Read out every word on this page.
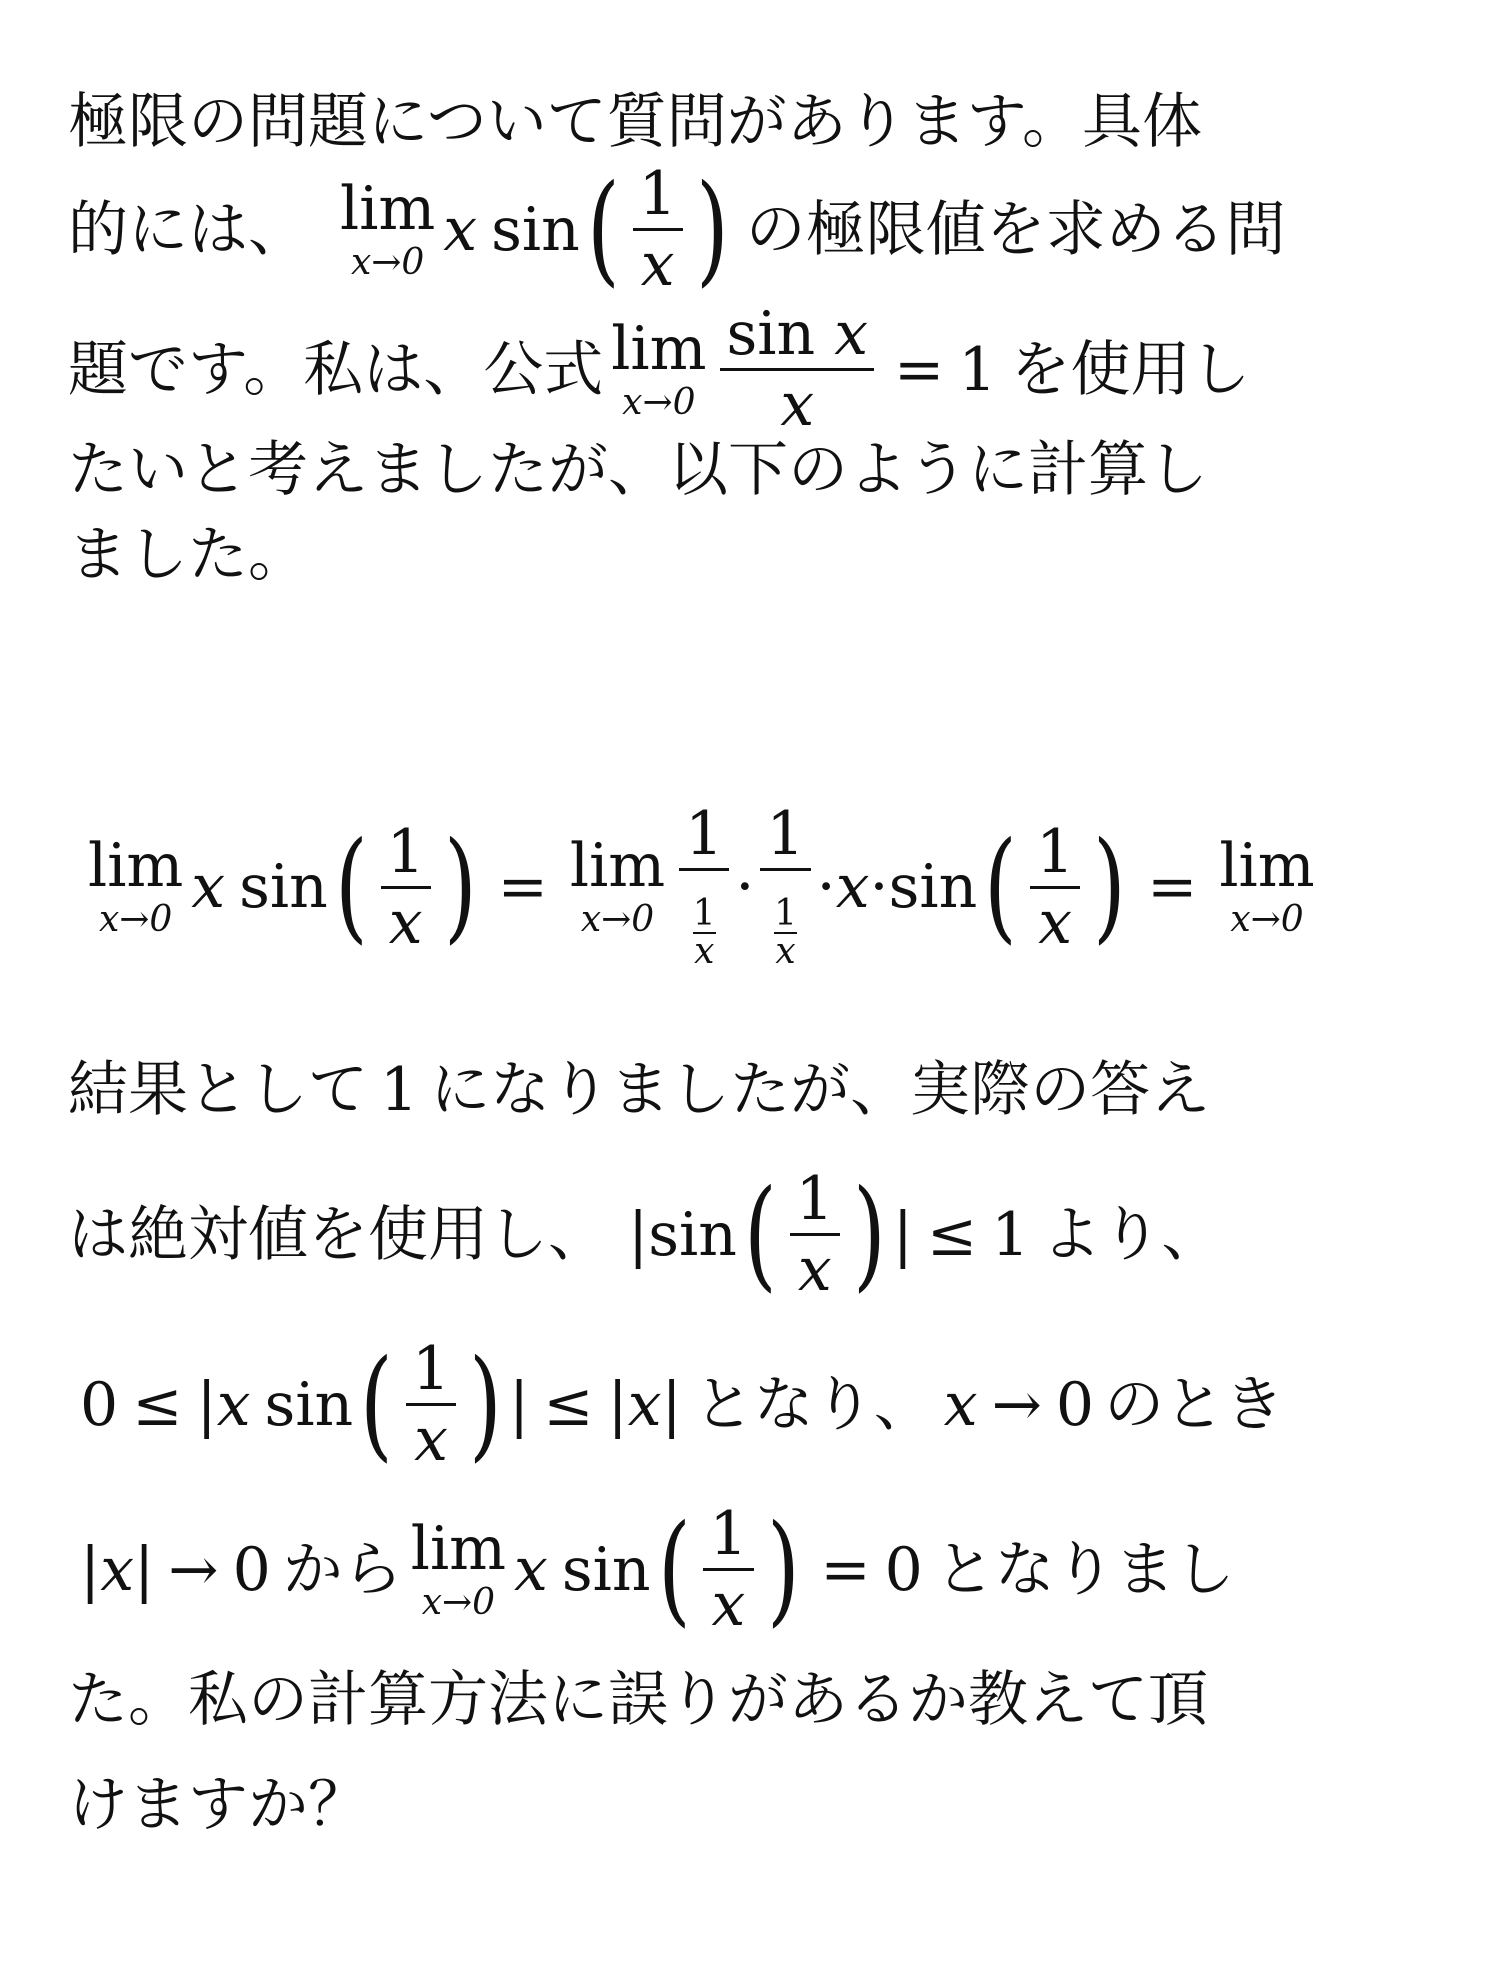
極限の問題について質問があります。具体
的には、 lim
x→0 x sin ( $\frac{1}{x}$ ) の極限値を求める問
題です。私は、公式 lim
$x\to 0 \frac{\text{sin x}}{x} = 1$ を使用し
たいと考えましたが、以下のように計算し
ました。
lim
x→0 x sin ( $\frac{1}{x}$ ) = lim
$x\to 0 \frac{1}{\frac{1}{x}} \cdot \frac{1}{\frac{1}{x}} \cdot x \cdot \sin$ ( $\frac{1}{x}$ ) = lim
x→0
結果として 1 になりましたが、実際の答え
は絶対値を使用し、 | sin ( $\frac{1}{x}$ ) | ≤ 1 より、
0 ≤ | x sin ( $\frac{1}{x}$ ) | ≤ |x| となり、 x → 0 のとき
|x| → 0 から lim
x→0 x sin ( $\frac{1}{x}$ ) = 0 となりまし
た。私の計算方法に誤りがあるか教えて頂
けますか？
